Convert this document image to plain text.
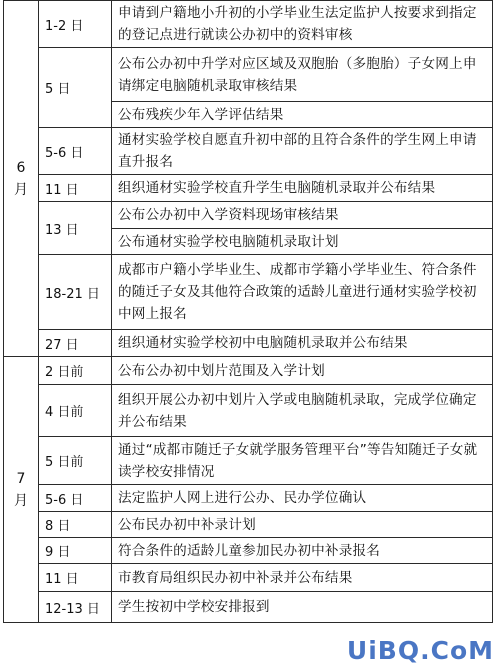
6
月	1-2 日	申请到户籍地小升初的小学毕业生法定监护人按要求到指定的登记点进行就读公办初中的资料审核
	5 日	公布公办初中升学对应区域及双胞胎（多胞胎）子女网上申请绑定电脑随机录取审核结果
		公布残疾少年入学评估结果
	5-6 日	通材实验学校自愿直升初中部的且符合条件的学生网上申请直升报名
	11 日	组织通材实验学校直升学生电脑随机录取并公布结果
	13 日	公布公办初中入学资料现场审核结果
		公布通材实验学校电脑随机录取计划
	18-21 日	成都市户籍小学毕业生、成都市学籍小学毕业生、符合条件的随迁子女及其他符合政策的适龄儿童进行通材实验学校初中网上报名
	27 日	组织通材实验学校初中电脑随机录取并公布结果
7
月	2 日前	公布公办初中划片范围及入学计划
	4 日前	组织开展公办初中划片入学或电脑随机录取，完成学位确定并公布结果
	5 日前	通过“成都市随迁子女就学服务管理平台”等告知随迁子女就读学校安排情况
	5-6 日	法定监护人网上进行公办、民办学位确认
	8 日	公布民办初中补录计划
	9 日	符合条件的适龄儿童参加民办初中补录报名
	11 日	市教育局组织民办初中补录并公布结果
	12-13 日	学生按初中学校安排报到
UiBQ.CoM
